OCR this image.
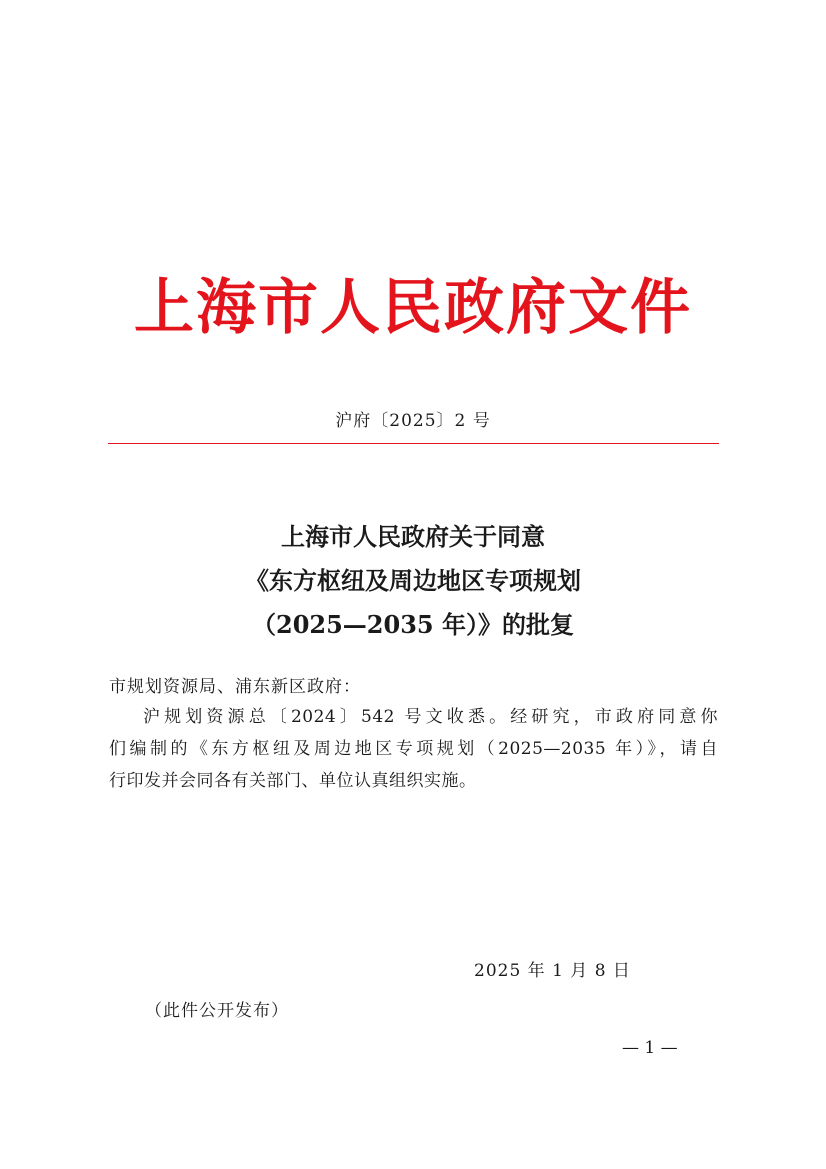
上海市人民政府文件
沪府〔2025〕2 号
上海市人民政府关于同意
《东方枢纽及周边地区专项规划
（2025—2035 年）》的批复
市规划资源局、浦东新区政府：
沪规划资源总〔2024〕542 号文收悉。经研究，市政府同意你
们编制的《东方枢纽及周边地区专项规划（2025—2035 年）》，请自
行印发并会同各有关部门、单位认真组织实施。
2025 年 1 月 8 日
（此件公开发布）
— 1 —
